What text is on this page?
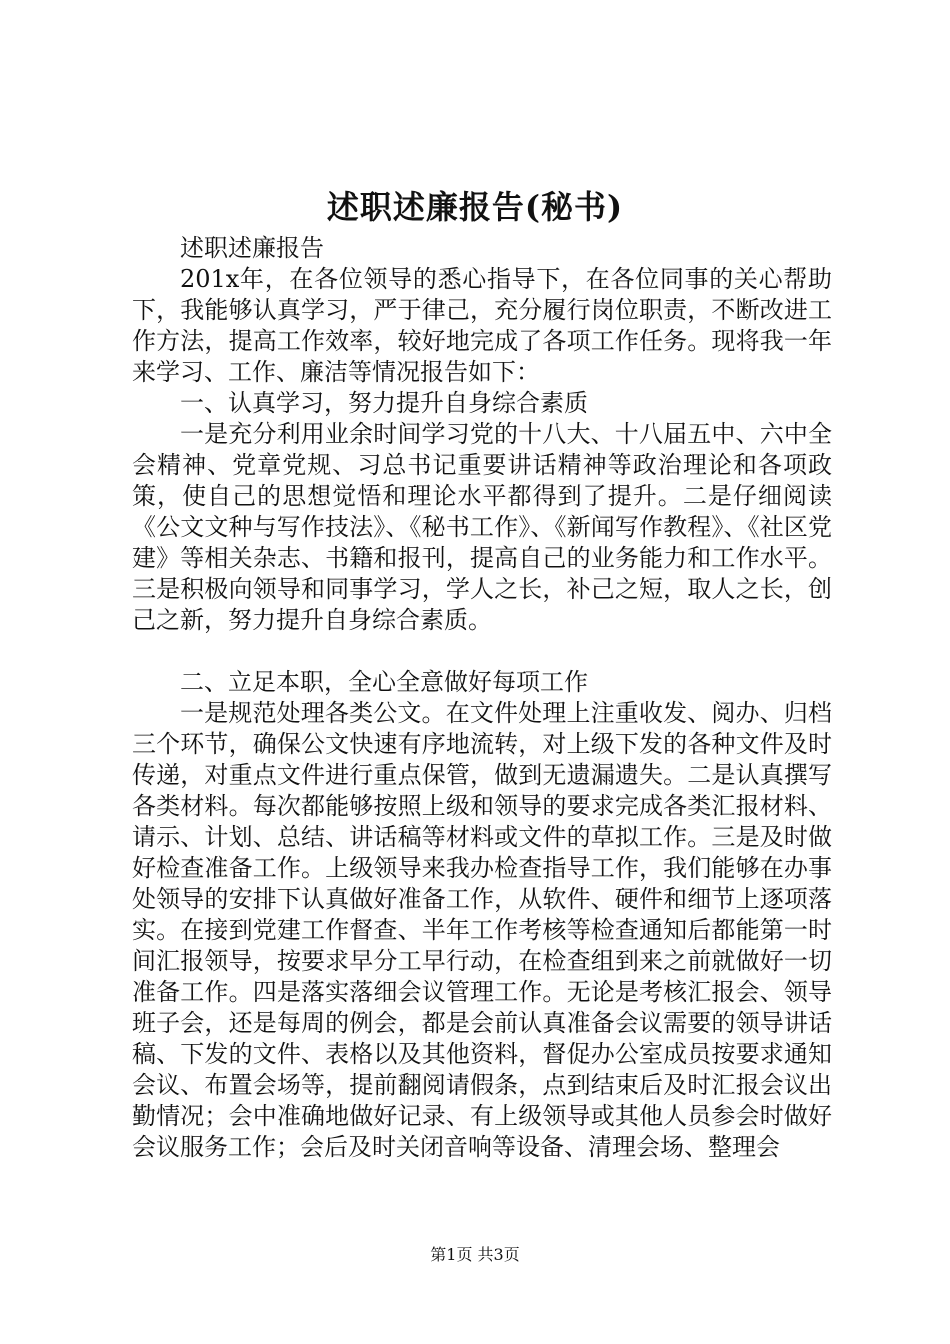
述职述廉报告(秘书)

述职述廉报告

201x年，在各位领导的悉心指导下，在各位同事的关心帮助下，我能够认真学习，严于律己，充分履行岗位职责，不断改进工作方法，提高工作效率，较好地完成了各项工作任务。现将我一年来学习、工作、廉洁等情况报告如下：

一、认真学习，努力提升自身综合素质

一是充分利用业余时间学习党的十八大、十八届五中、六中全会精神、党章党规、习总书记重要讲话精神等政治理论和各项政策，使自己的思想觉悟和理论水平都得到了提升。二是仔细阅读《公文文种与写作技法》、《秘书工作》、《新闻写作教程》、《社区党建》等相关杂志、书籍和报刊，提高自己的业务能力和工作水平。三是积极向领导和同事学习，学人之长，补己之短，取人之长，创己之新，努力提升自身综合素质。

二、立足本职，全心全意做好每项工作

一是规范处理各类公文。在文件处理上注重收发、阅办、归档三个环节，确保公文快速有序地流转，对上级下发的各种文件及时传递，对重点文件进行重点保管，做到无遗漏遗失。二是认真撰写各类材料。每次都能够按照上级和领导的要求完成各类汇报材料、请示、计划、总结、讲话稿等材料或文件的草拟工作。三是及时做好检查准备工作。上级领导来我办检查指导工作，我们能够在办事处领导的安排下认真做好准备工作，从软件、硬件和细节上逐项落实。在接到党建工作督查、半年工作考核等检查通知后都能第一时间汇报领导，按要求早分工早行动，在检查组到来之前就做好一切准备工作。四是落实落细会议管理工作。无论是考核汇报会、领导班子会，还是每周的例会，都是会前认真准备会议需要的领导讲话稿、下发的文件、表格以及其他资料，督促办公室成员按要求通知会议、布置会场等，提前翻阅请假条，点到结束后及时汇报会议出勤情况；会中准确地做好记录、有上级领导或其他人员参会时做好会议服务工作；会后及时关闭音响等设备、清理会场、整理会

第1页 共3页
